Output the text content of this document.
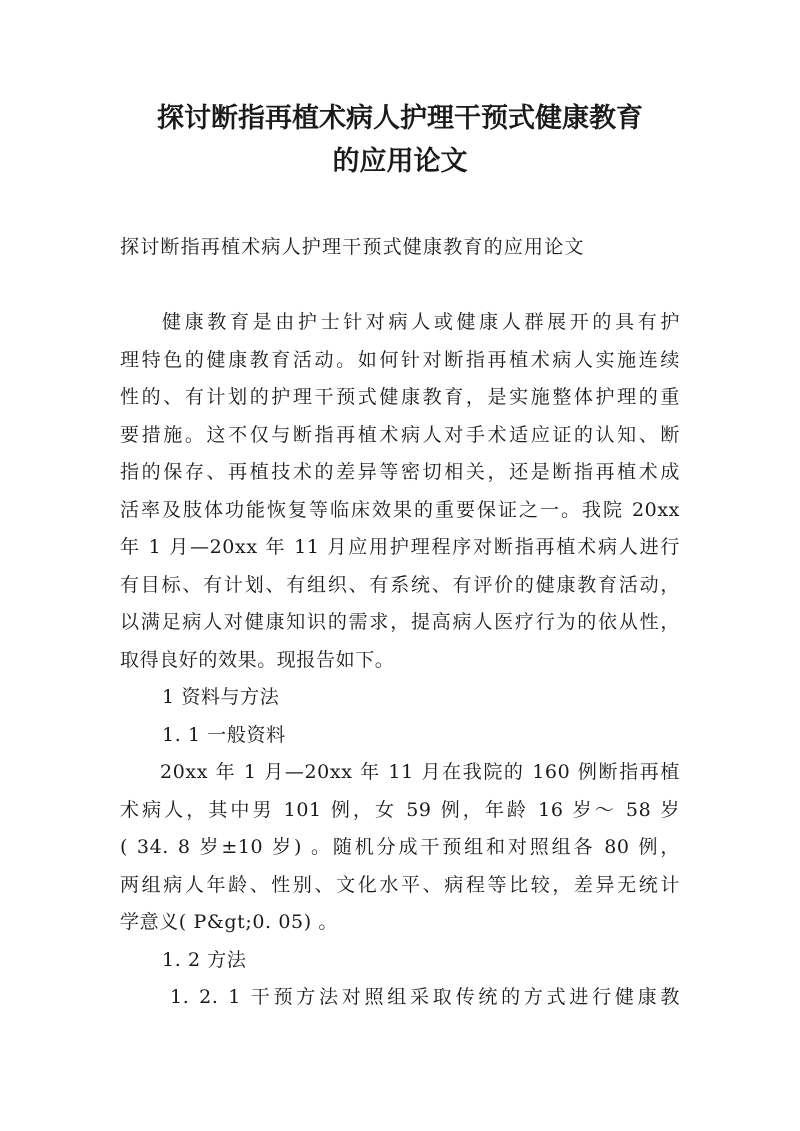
探讨断指再植术病人护理干预式健康教育
的应用论文
探讨断指再植术病人护理干预式健康教育的应用论文
健康教育是由护士针对病人或健康人群展开的具有护
理特色的健康教育活动。如何针对断指再植术病人实施连续
性的、有计划的护理干预式健康教育，是实施整体护理的重
要措施。这不仅与断指再植术病人对手术适应证的认知、断
指的保存、再植技术的差异等密切相关，还是断指再植术成
活率及肢体功能恢复等临床效果的重要保证之一。我院 20xx
年 1 月—20xx 年 11 月应用护理程序对断指再植术病人进行
有目标、有计划、有组织、有系统、有评价的健康教育活动，
以满足病人对健康知识的需求，提高病人医疗行为的依从性，
取得良好的效果。现报告如下。
1 资料与方法
1. 1 一般资料
20xx 年 1 月—20xx 年 11 月在我院的 160 例断指再植
术病人，其中男 101 例，女 59 例，年龄 16 岁～ 58 岁
( 34. 8 岁±10 岁) 。随机分成干预组和对照组各 80 例，
两组病人年龄、性别、文化水平、病程等比较，差异无统计
学意义( P&gt;0. 05) 。
1. 2 方法
1. 2. 1 干预方法对照组采取传统的方式进行健康教
